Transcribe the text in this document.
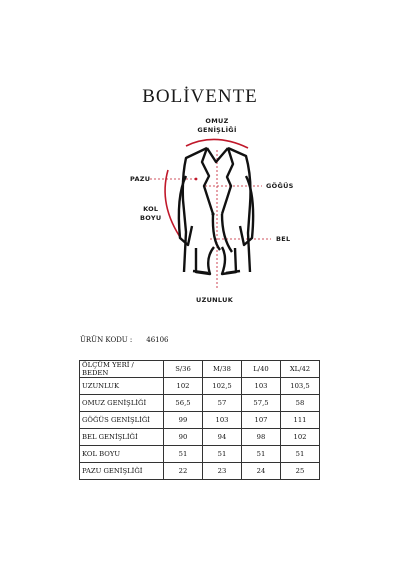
BOLİVENTE
OMUZ
GENİŞLİĞİ
PAZU
GÖĞÜS
KOL
BOYU
BEL
UZUNLUK
ÜRÜN KODU : 46106
ÖLÇÜM YERİ / BEDEN	S/36	M/38	L/40	XL/42
UZUNLUK	102	102,5	103	103,5
OMUZ GENİŞLİĞİ	56,5	57	57,5	58
GÖĞÜS GENİŞLİĞİ	99	103	107	111
BEL GENİŞLİĞİ	90	94	98	102
KOL BOYU	51	51	51	51
PAZU GENİŞLİĞİ	22	23	24	25
